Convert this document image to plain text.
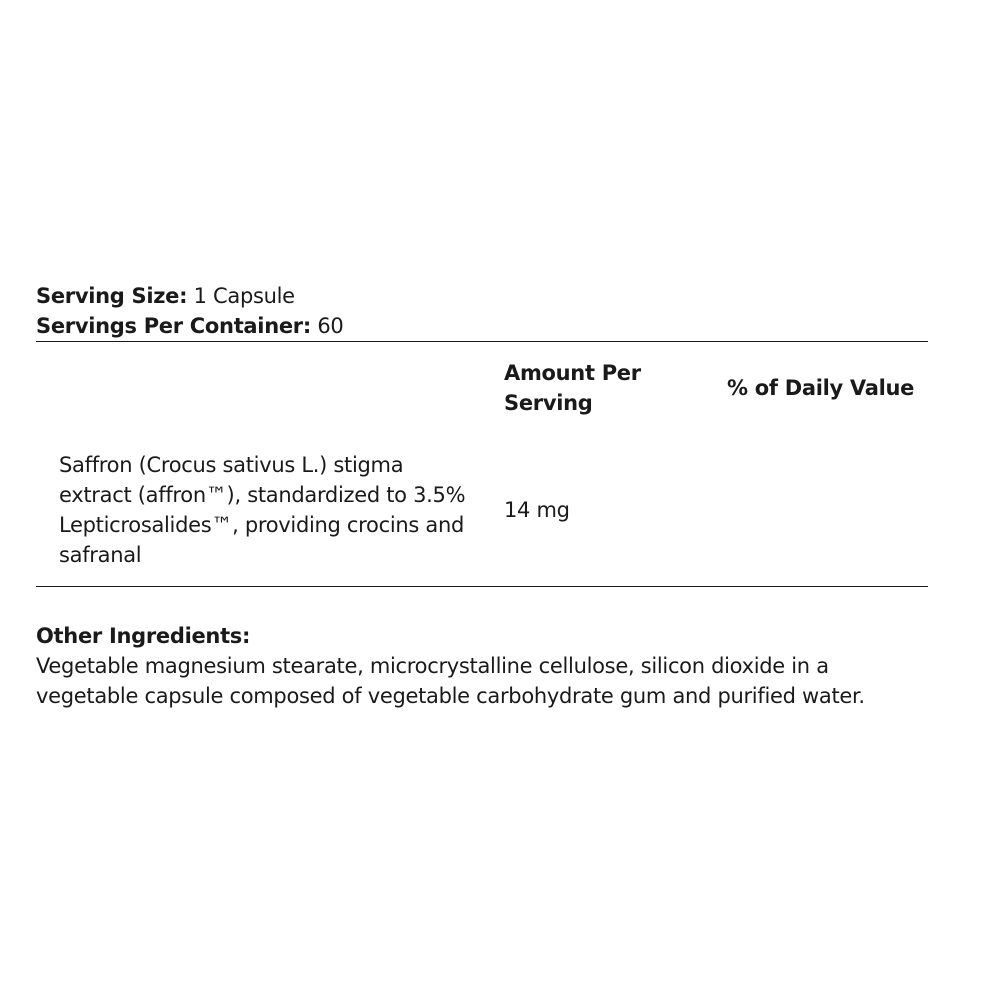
Serving Size: 1 Capsule
Servings Per Container: 60
Amount Per Serving
% of Daily Value
Saffron (Crocus sativus L.) stigma extract (affron™), standardized to 3.5% Lepticrosalides™, providing crocins and safranal
14 mg
Other Ingredients:
Vegetable magnesium stearate, microcrystalline cellulose, silicon dioxide in a vegetable capsule composed of vegetable carbohydrate gum and purified water.
